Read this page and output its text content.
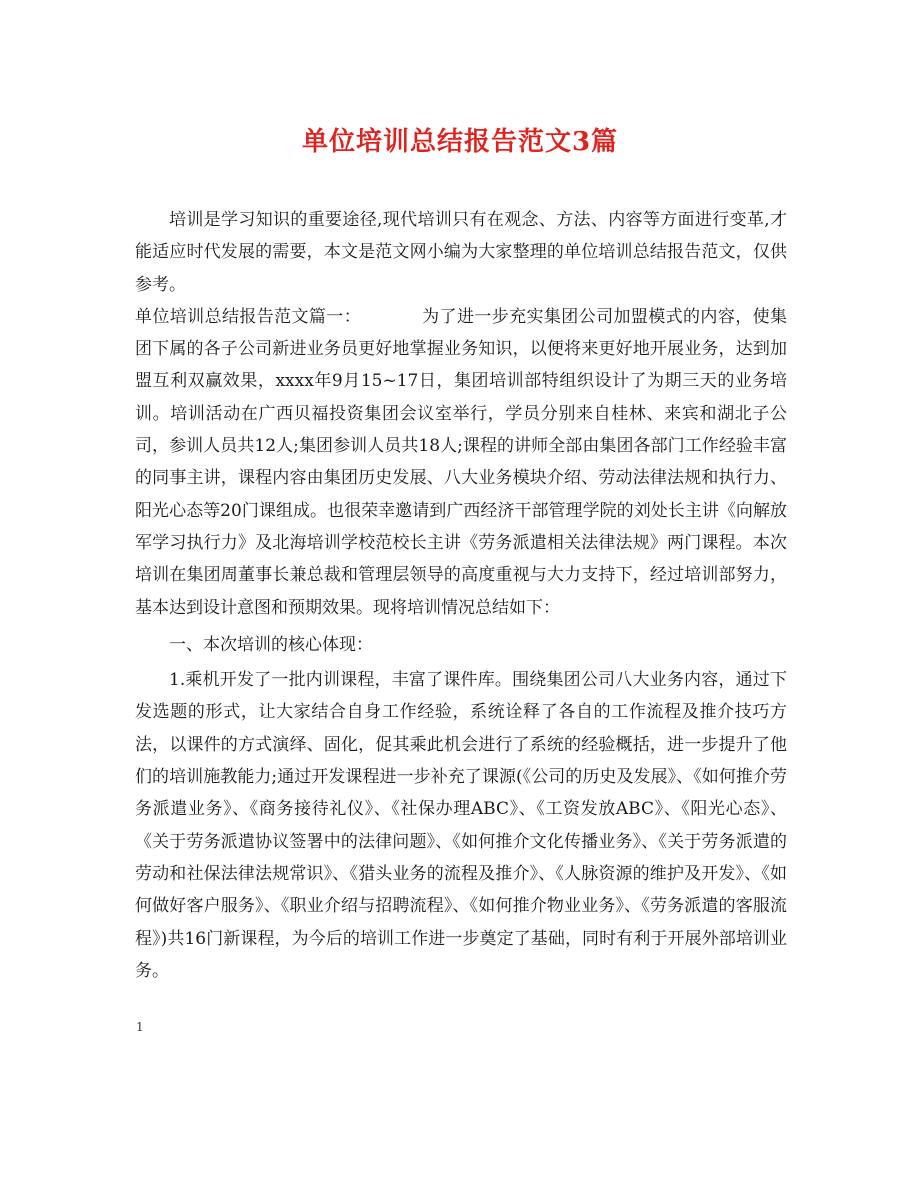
单位培训总结报告范文3篇

培训是学习知识的重要途径,现代培训只有在观念、方法、内容等方面进行变革,才能适应时代发展的需要，本文是范文网小编为大家整理的单位培训总结报告范文，仅供参考。

单位培训总结报告范文篇一：　　　　为了进一步充实集团公司加盟模式的内容，使集团下属的各子公司新进业务员更好地掌握业务知识，以便将来更好地开展业务，达到加盟互利双赢效果，xxxx年9月15~17日，集团培训部特组织设计了为期三天的业务培训。培训活动在广西贝福投资集团会议室举行，学员分别来自桂林、来宾和湖北子公司，参训人员共12人;集团参训人员共18人;课程的讲师全部由集团各部门工作经验丰富的同事主讲，课程内容由集团历史发展、八大业务模块介绍、劳动法律法规和执行力、阳光心态等20门课组成。也很荣幸邀请到广西经济干部管理学院的刘处长主讲《向解放军学习执行力》及北海培训学校范校长主讲《劳务派遣相关法律法规》两门课程。本次培训在集团周董事长兼总裁和管理层领导的高度重视与大力支持下，经过培训部努力，基本达到设计意图和预期效果。现将培训情况总结如下：

一、本次培训的核心体现：

1.乘机开发了一批内训课程，丰富了课件库。围绕集团公司八大业务内容，通过下发选题的形式，让大家结合自身工作经验，系统诠释了各自的工作流程及推介技巧方法，以课件的方式演绎、固化，促其乘此机会进行了系统的经验概括，进一步提升了他们的培训施教能力;通过开发课程进一步补充了课源(《公司的历史及发展》、《如何推介劳务派遣业务》、《商务接待礼仪》、《社保办理ABC》、《工资发放ABC》、《阳光心态》、《关于劳务派遣协议签署中的法律问题》、《如何推介文化传播业务》、《关于劳务派遣的劳动和社保法律法规常识》、《猎头业务的流程及推介》、《人脉资源的维护及开发》、《如何做好客户服务》、《职业介绍与招聘流程》、《如何推介物业业务》、《劳务派遣的客服流程》)共16门新课程，为今后的培训工作进一步奠定了基础，同时有利于开展外部培训业务。

1
